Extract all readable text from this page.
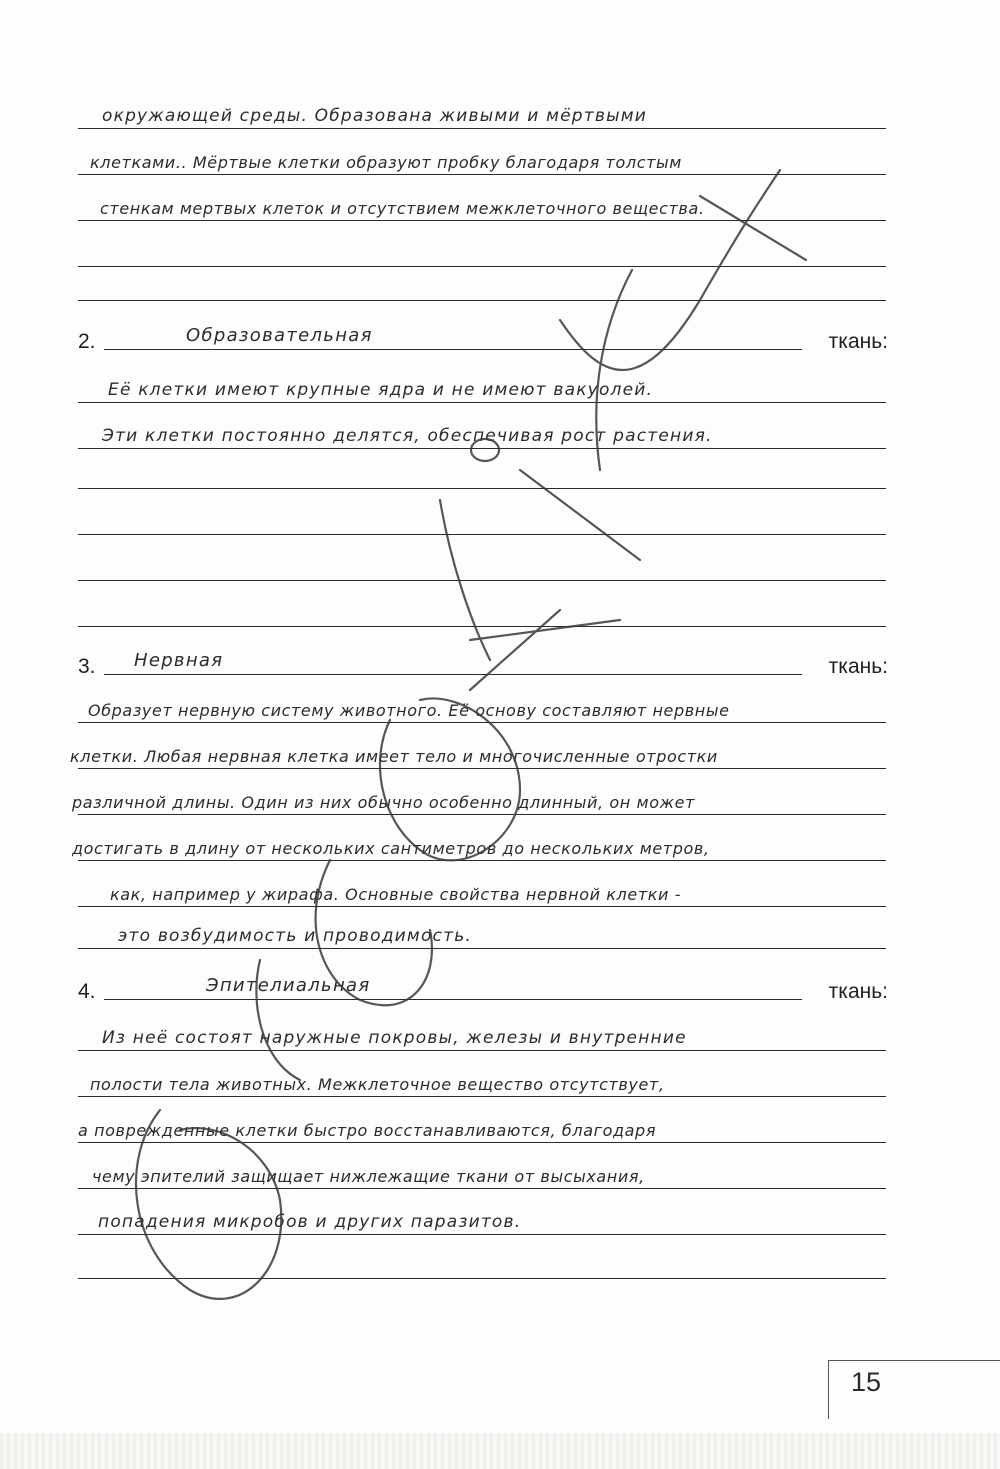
окружающей среды. Образована живыми и мёртвыми
клетками.. Мёртвые клетки образуют пробку благодаря толстым
стенкам мертвых клеток и отсутствием межклеточного вещества.
2.	Образовательная	ткань:
Её клетки имеют крупные ядра и не имеют вакуолей.
Эти клетки постоянно делятся, обеспечивая рост растения.
3. Нервная	ткань:
Образует нервную систему животного. Её основу составляют нервные
клетки. Любая нервная клетка имеет тело и многочисленные отростки
различной длины. Один из них обычно особенно длинный, он может
достигать в длину от нескольких сантиметров до нескольких метров,
как, например у жирафа. Основные свойства нервной клетки -
это возбудимость и проводимость.
4.	Эпителиальная	ткань:
Из неё состоят наружные покровы, железы и внутренние
полости тела животных. Межклеточное вещество отсутствует,
а поврежденные клетки быстро восстанавливаются, благодаря
чему эпителий защищает нижлежащие ткани от высыхания,
попадения микробов и других паразитов.
15
